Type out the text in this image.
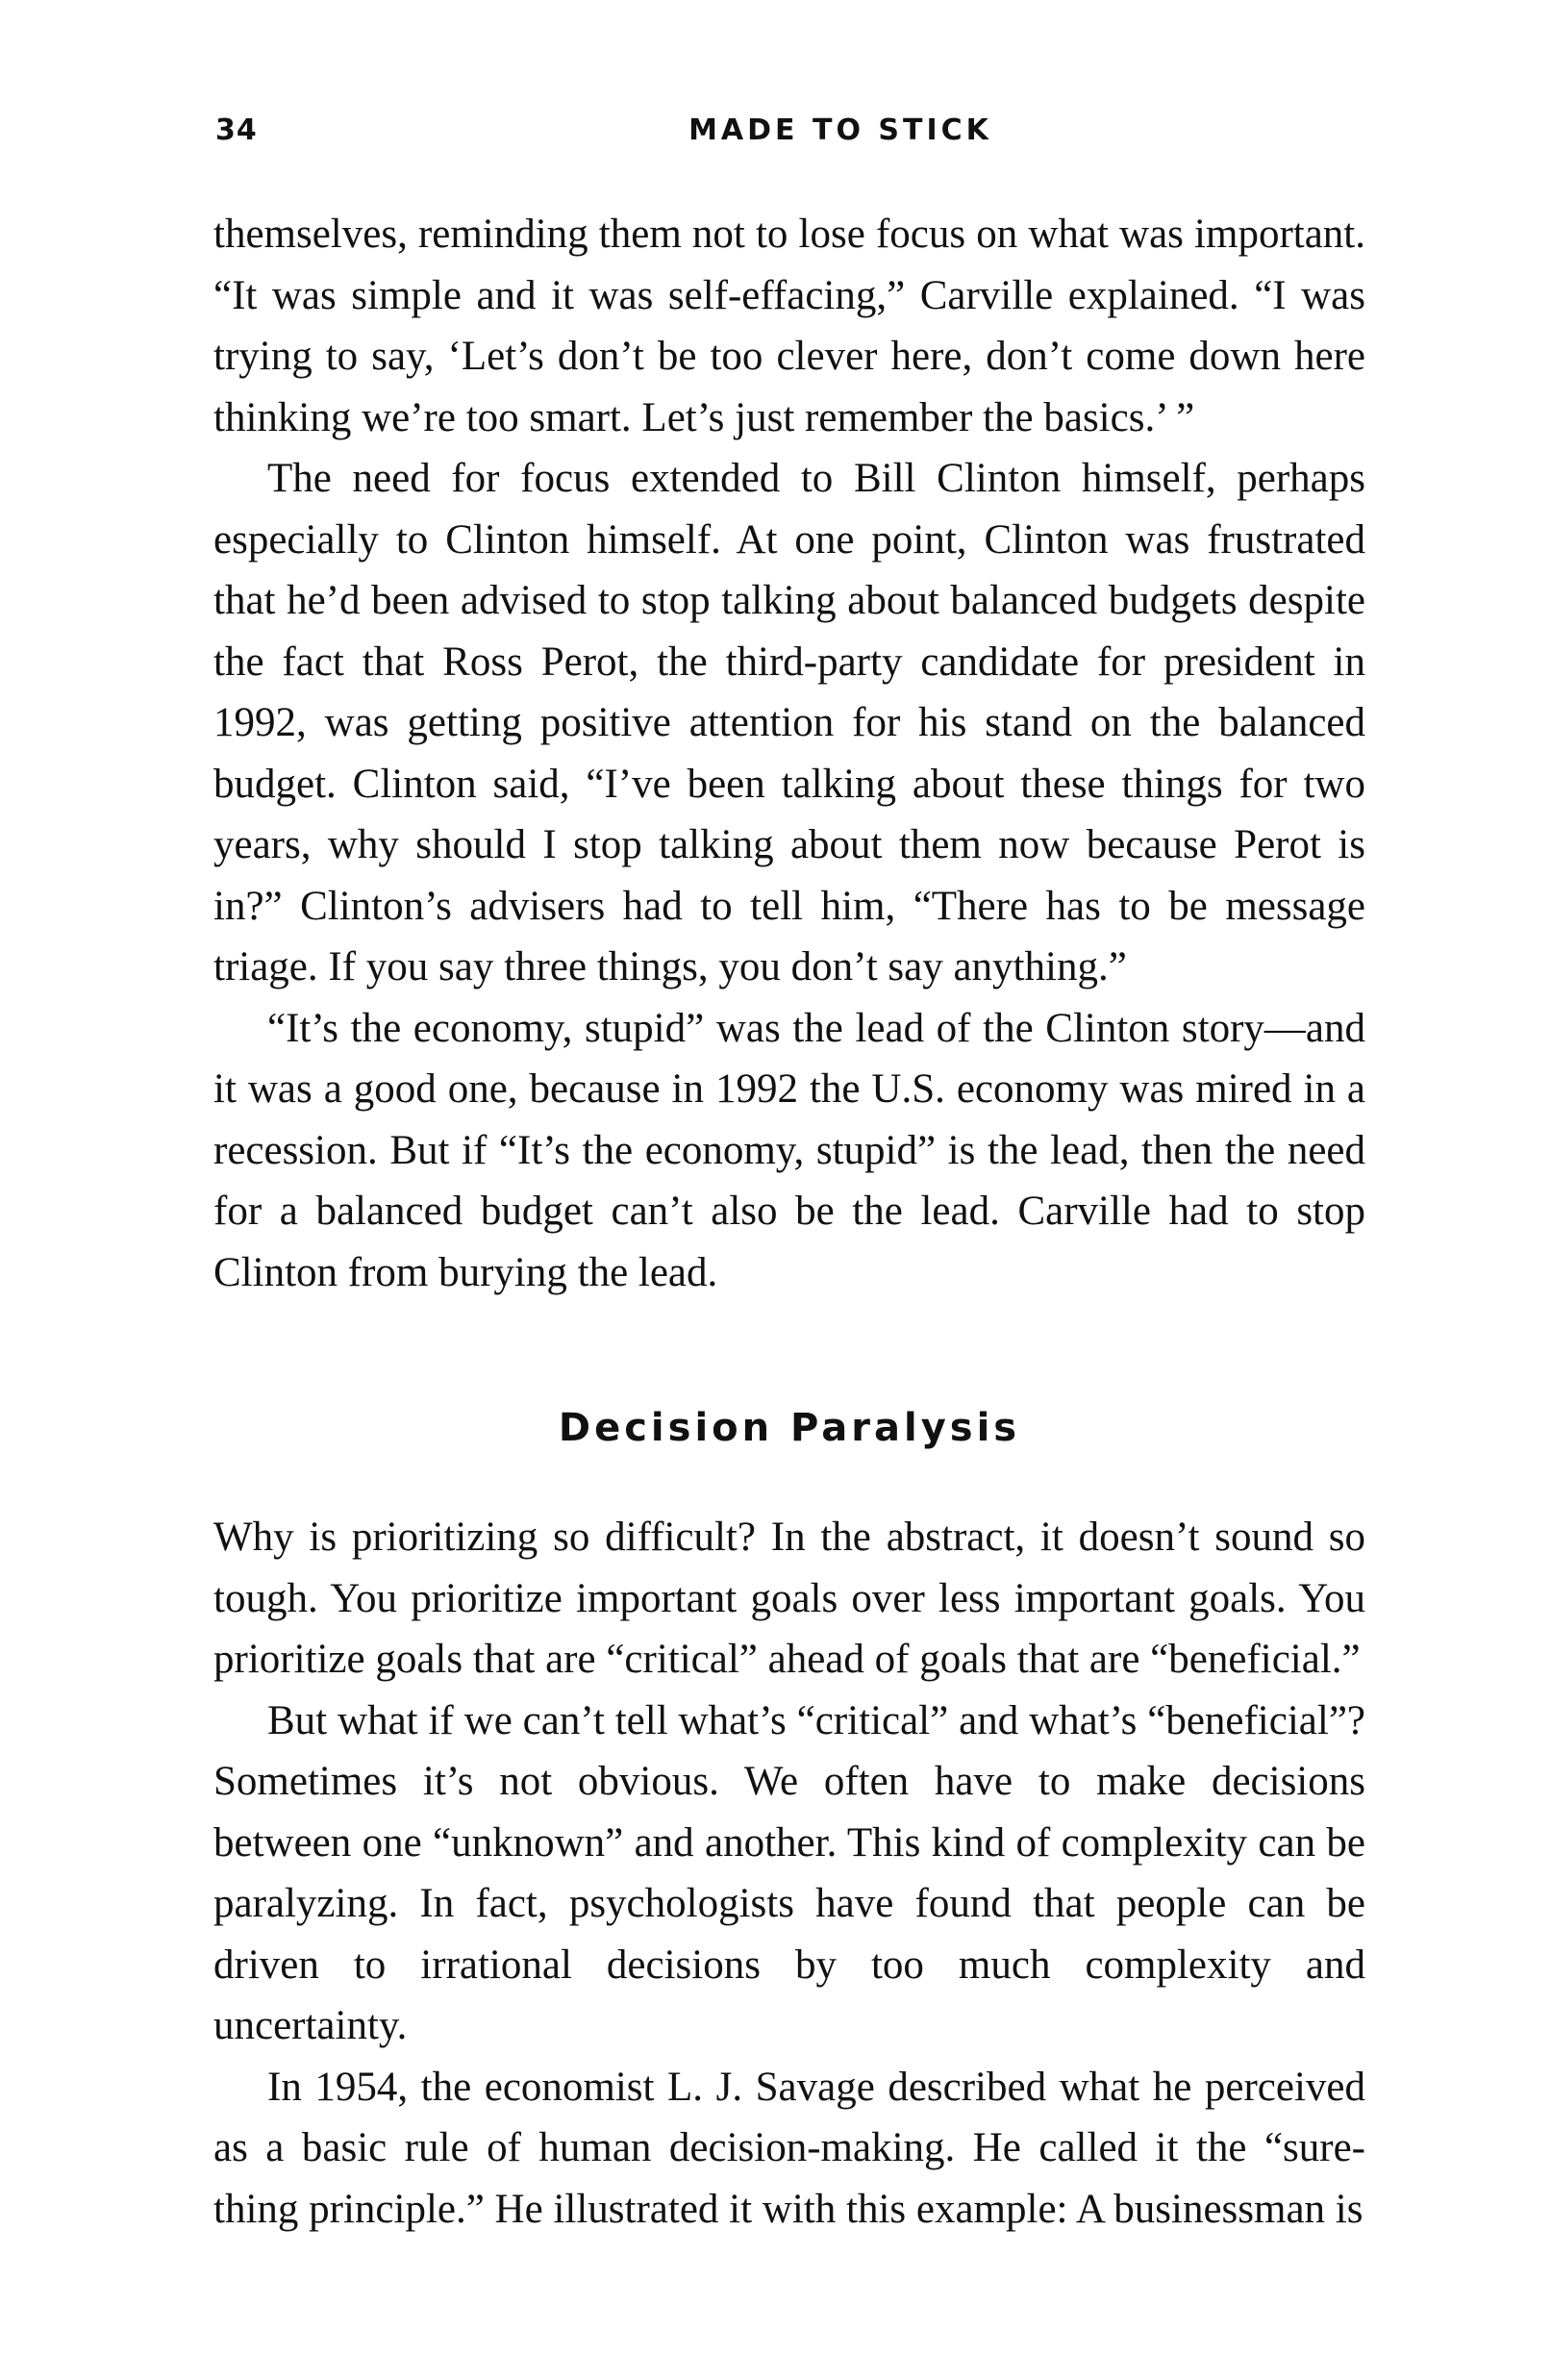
34	MADE TO STICK

themselves, reminding them not to lose focus on what was important. “It was simple and it was self-effacing,” Carville explained. “I was trying to say, ‘Let’s don’t be too clever here, don’t come down here thinking we’re too smart. Let’s just remember the basics.’ ”

The need for focus extended to Bill Clinton himself, perhaps especially to Clinton himself. At one point, Clinton was frustrated that he’d been advised to stop talking about balanced budgets despite the fact that Ross Perot, the third-party candidate for president in 1992, was getting positive attention for his stand on the balanced budget. Clinton said, “I’ve been talking about these things for two years, why should I stop talking about them now because Perot is in?” Clinton’s advisers had to tell him, “There has to be message triage. If you say three things, you don’t say anything.”

“It’s the economy, stupid” was the lead of the Clinton story—and it was a good one, because in 1992 the U.S. economy was mired in a recession. But if “It’s the economy, stupid” is the lead, then the need for a balanced budget can’t also be the lead. Carville had to stop Clinton from burying the lead.

Decision Paralysis

Why is prioritizing so difficult? In the abstract, it doesn’t sound so tough. You prioritize important goals over less important goals. You prioritize goals that are “critical” ahead of goals that are “beneficial.”

But what if we can’t tell what’s “critical” and what’s “beneficial”? Sometimes it’s not obvious. We often have to make decisions between one “unknown” and another. This kind of complexity can be paralyzing. In fact, psychologists have found that people can be driven to irrational decisions by too much complexity and uncertainty.

In 1954, the economist L. J. Savage described what he perceived as a basic rule of human decision-making. He called it the “sure-thing principle.” He illustrated it with this example: A businessman is
